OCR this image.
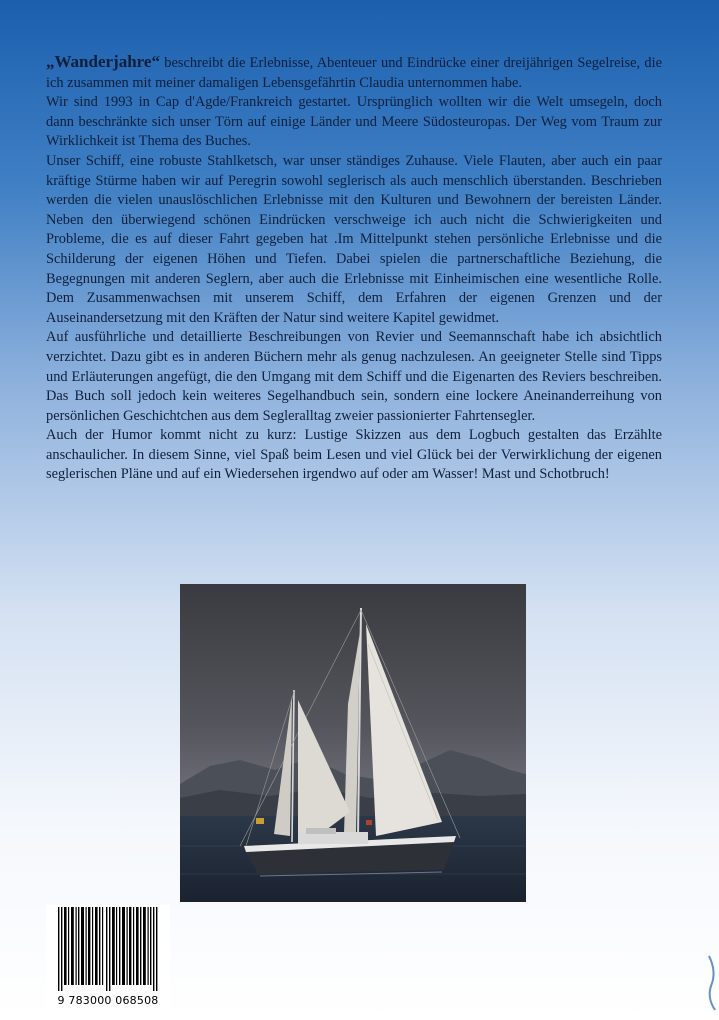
„Wanderjahre“ beschreibt die Erlebnisse, Abenteuer und Eindrücke einer dreijährigen Segelreise, die ich zusammen mit meiner damaligen Lebensgefährtin Claudia unternommen habe.

Wir sind 1993 in Cap d'Agde/Frankreich gestartet. Ursprünglich wollten wir die Welt umsegeln, doch dann beschränkte sich unser Törn auf einige Länder und Meere Südosteuropas. Der Weg vom Traum zur Wirklichkeit ist Thema des Buches.

Unser Schiff, eine robuste Stahlketsch, war unser ständiges Zuhause. Viele Flauten, aber auch ein paar kräftige Stürme haben wir auf Peregrin sowohl seglerisch als auch menschlich überstanden. Beschrieben werden die vielen unauslöschlichen Erlebnisse mit den Kulturen und Bewohnern der bereisten Länder. Neben den überwiegend schönen Eindrücken verschweige ich auch nicht die Schwierigkeiten und Probleme, die es auf dieser Fahrt gegeben hat .Im Mittelpunkt stehen persönliche Erlebnisse und die Schilderung der eigenen Höhen und Tiefen. Dabei spielen die partnerschaftliche Beziehung, die Begegnungen mit anderen Seglern, aber auch die Erlebnisse mit Einheimischen eine wesentliche Rolle. Dem Zusammenwachsen mit unserem Schiff, dem Erfahren der eigenen Grenzen und der Auseinandersetzung mit den Kräften der Natur sind weitere Kapitel gewidmet.

Auf ausführliche und detaillierte Beschreibungen von Revier und Seemannschaft habe ich absichtlich verzichtet. Dazu gibt es in anderen Büchern mehr als genug nachzulesen. An geeigneter Stelle sind Tipps und Erläuterungen angefügt, die den Umgang mit dem Schiff und die Eigenarten des Reviers beschreiben. Das Buch soll jedoch kein weiteres Segelhandbuch sein, sondern eine lockere Aneinanderreihung von persönlichen Geschichtchen aus dem Segleralltag zweier passionierter Fahrtensegler.

Auch der Humor kommt nicht zu kurz: Lustige Skizzen aus dem Logbuch gestalten das Erzählte anschaulicher. In diesem Sinne, viel Spaß beim Lesen und viel Glück bei der Verwirklichung der eigenen seglerischen Pläne und auf ein Wiedersehen irgendwo auf oder am Wasser! Mast und Schotbruch!

9 783000 068508
